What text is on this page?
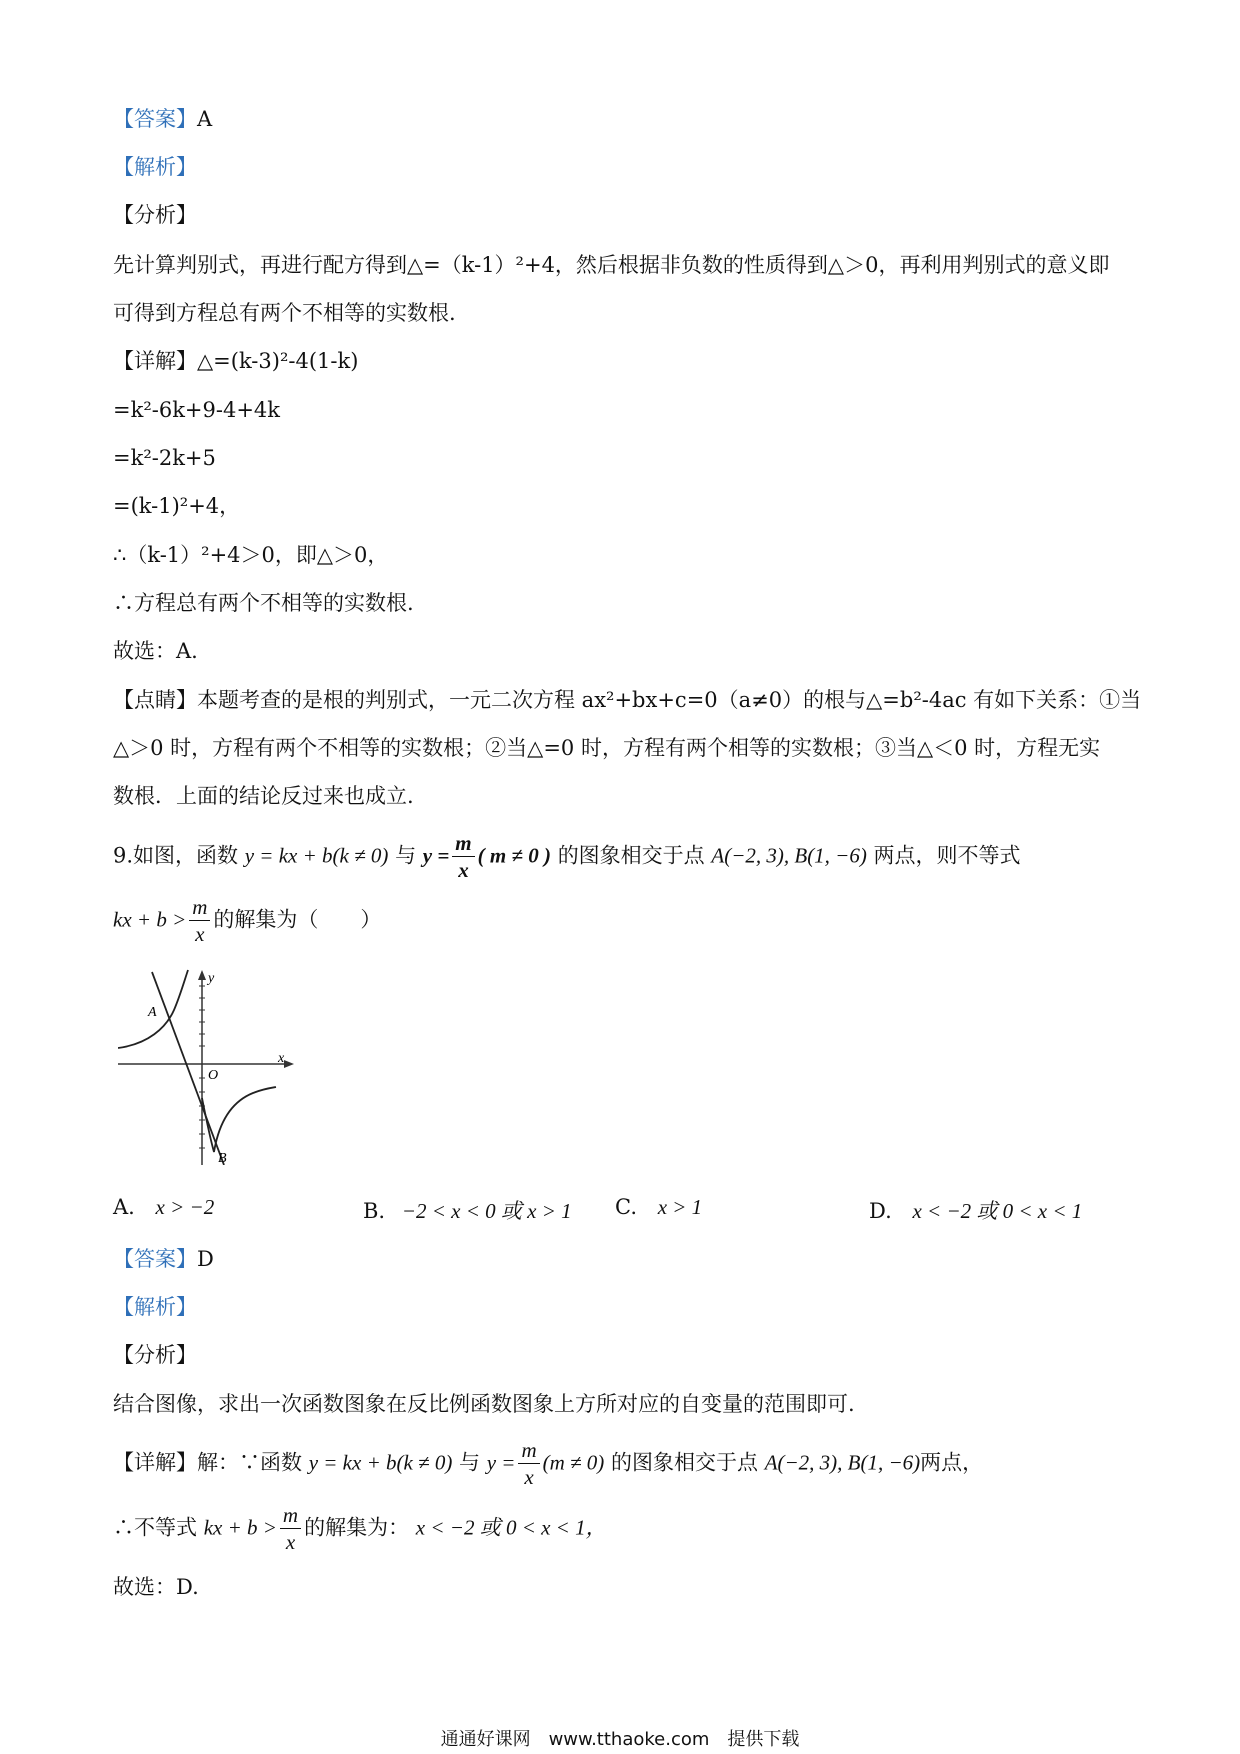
【答案】A
【解析】
【分析】
先计算判别式，再进行配方得到△=（k-1）²+4，然后根据非负数的性质得到△＞0，再利用判别式的意义即
可得到方程总有两个不相等的实数根.
【详解】△=(k-3)²-4(1-k)
=k²-6k+9-4+4k
=k²-2k+5
=(k-1)²+4，
∴（k-1）²+4＞0，即△＞0，
∴方程总有两个不相等的实数根.
故选：A.
【点睛】本题考查的是根的判别式，一元二次方程 ax²+bx+c=0（a≠0）的根与△=b²-4ac 有如下关系：①当
△＞0 时，方程有两个不相等的实数根；②当△=0 时，方程有两个相等的实数根；③当△＜0 时，方程无实
数根．上面的结论反过来也成立.
9.如图，函数 y = kx + b(k ≠ 0) 与 $y = \frac{m}{x}$ ( m ≠ 0 ) 的图象相交于点 A(−2, 3), B(1, −6) 两点，则不等式
kx + $b > \frac{m}{x}$ 的解集为（　　）
y
x
O
A
B
A. x > −2	B. −2 < x < 0 或 x > 1 C. x > 1	D. x < −2 或 0 < x < 1
【答案】D
【解析】
【分析】
结合图像，求出一次函数图象在反比例函数图象上方所对应的自变量的范围即可.
【详解】解：∵函数 y = kx + b(k ≠ 0) 与 $y = \frac{m}{x} (m \ne 0)$ 的图象相交于点 A(−2, 3), B(1, −6)两点，
∴不等式 kx + $b > \frac{m}{x}$ 的解集为： x < −2 或 0 < x < 1，
故选：D.
通通好课网　www.tthaoke.com　提供下载
